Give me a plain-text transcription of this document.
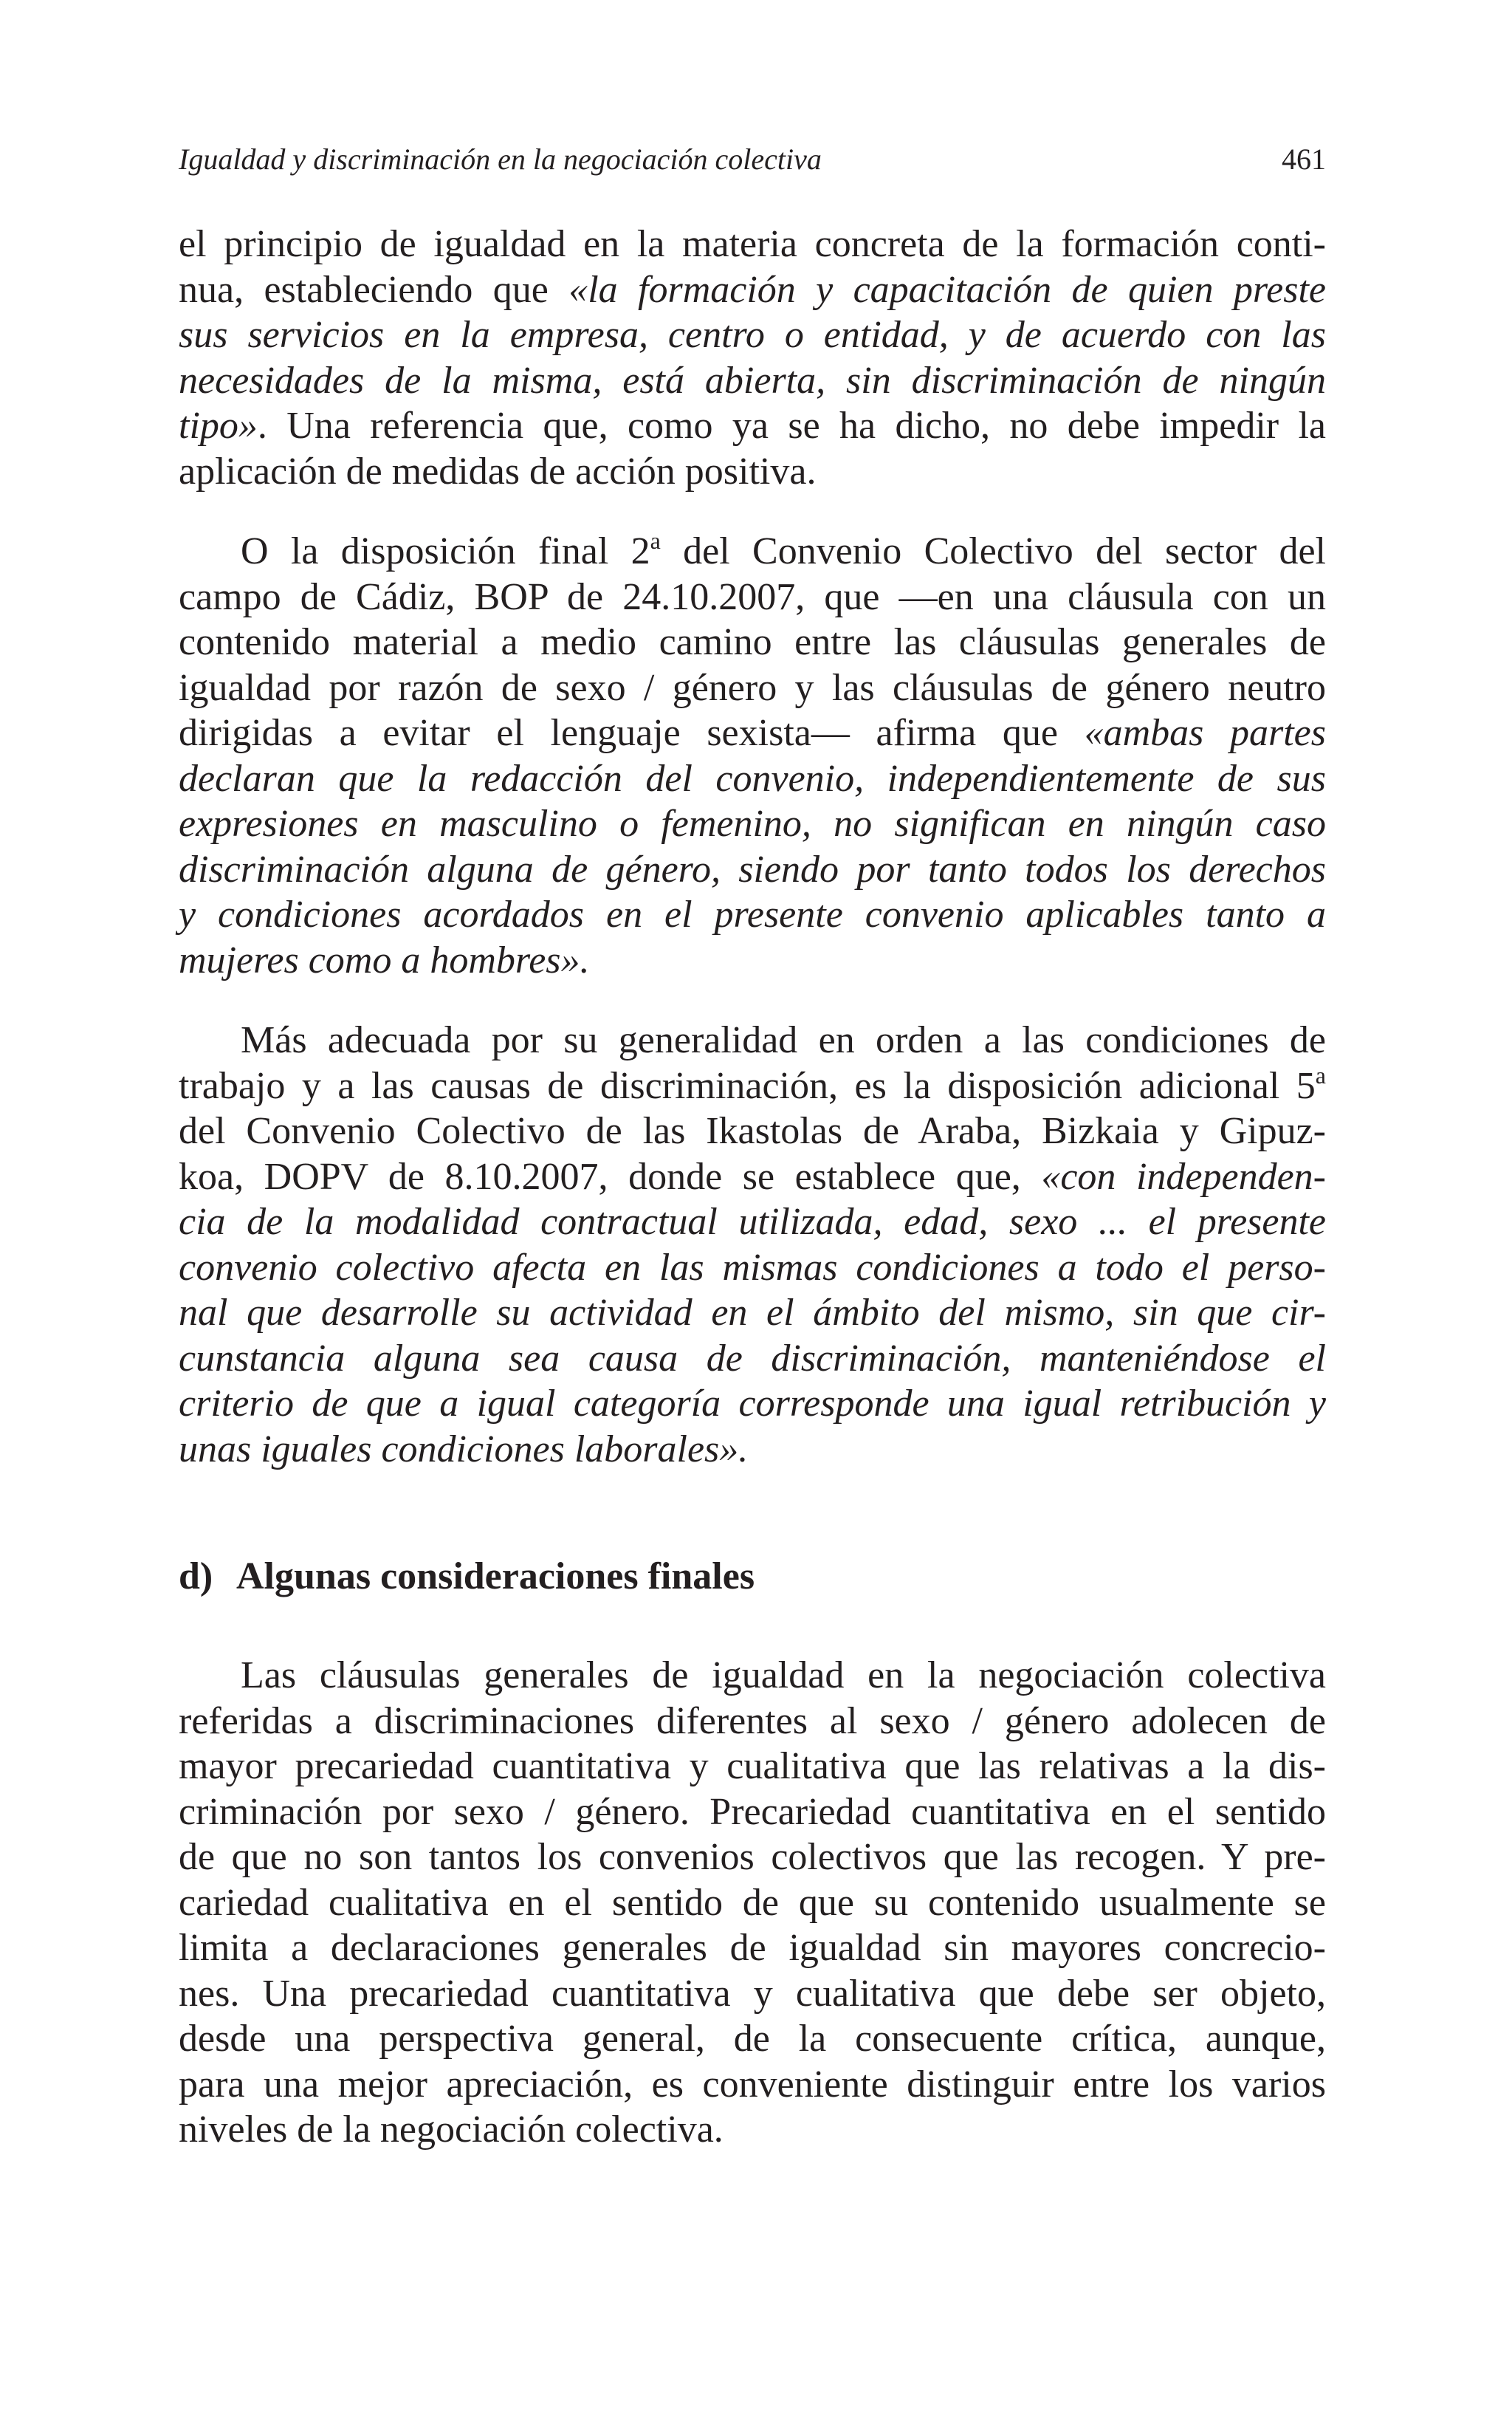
Igualdad y discriminación en la negociación colectiva	461
el principio de igualdad en la materia concreta de la formación conti-
nua, estableciendo que «la formación y capacitación de quien preste
sus servicios en la empresa, centro o entidad, y de acuerdo con las
necesidades de la misma, está abierta, sin discriminación de ningún
tipo». Una referencia que, como ya se ha dicho, no debe impedir la
aplicación de medidas de acción positiva.
O la disposición final 2$^a$ del Convenio Colectivo del sector del
campo de Cádiz, BOP de 24.10.2007, que —en una cláusula con un
contenido material a medio camino entre las cláusulas generales de
igualdad por razón de sexo / género y las cláusulas de género neutro
dirigidas a evitar el lenguaje sexista— afirma que «ambas partes
declaran que la redacción del convenio, independientemente de sus
expresiones en masculino o femenino, no significan en ningún caso
discriminación alguna de género, siendo por tanto todos los derechos
y condiciones acordados en el presente convenio aplicables tanto a
mujeres como a hombres».
Más adecuada por su generalidad en orden a las condiciones de
trabajo y a las causas de discriminación, es la disposición adicional 5$^a$
del Convenio Colectivo de las Ikastolas de Araba, Bizkaia y Gipuz-
koa, DOPV de 8.10.2007, donde se establece que, «con independen-
cia de la modalidad contractual utilizada, edad, sexo ... el presente
convenio colectivo afecta en las mismas condiciones a todo el perso-
nal que desarrolle su actividad en el ámbito del mismo, sin que cir-
cunstancia alguna sea causa de discriminación, manteniéndose el
criterio de que a igual categoría corresponde una igual retribución y
unas iguales condiciones laborales».
d) Algunas consideraciones finales
Las cláusulas generales de igualdad en la negociación colectiva
referidas a discriminaciones diferentes al sexo / género adolecen de
mayor precariedad cuantitativa y cualitativa que las relativas a la dis-
criminación por sexo / género. Precariedad cuantitativa en el sentido
de que no son tantos los convenios colectivos que las recogen. Y pre-
cariedad cualitativa en el sentido de que su contenido usualmente se
limita a declaraciones generales de igualdad sin mayores concrecio-
nes. Una precariedad cuantitativa y cualitativa que debe ser objeto,
desde una perspectiva general, de la consecuente crítica, aunque,
para una mejor apreciación, es conveniente distinguir entre los varios
niveles de la negociación colectiva.
